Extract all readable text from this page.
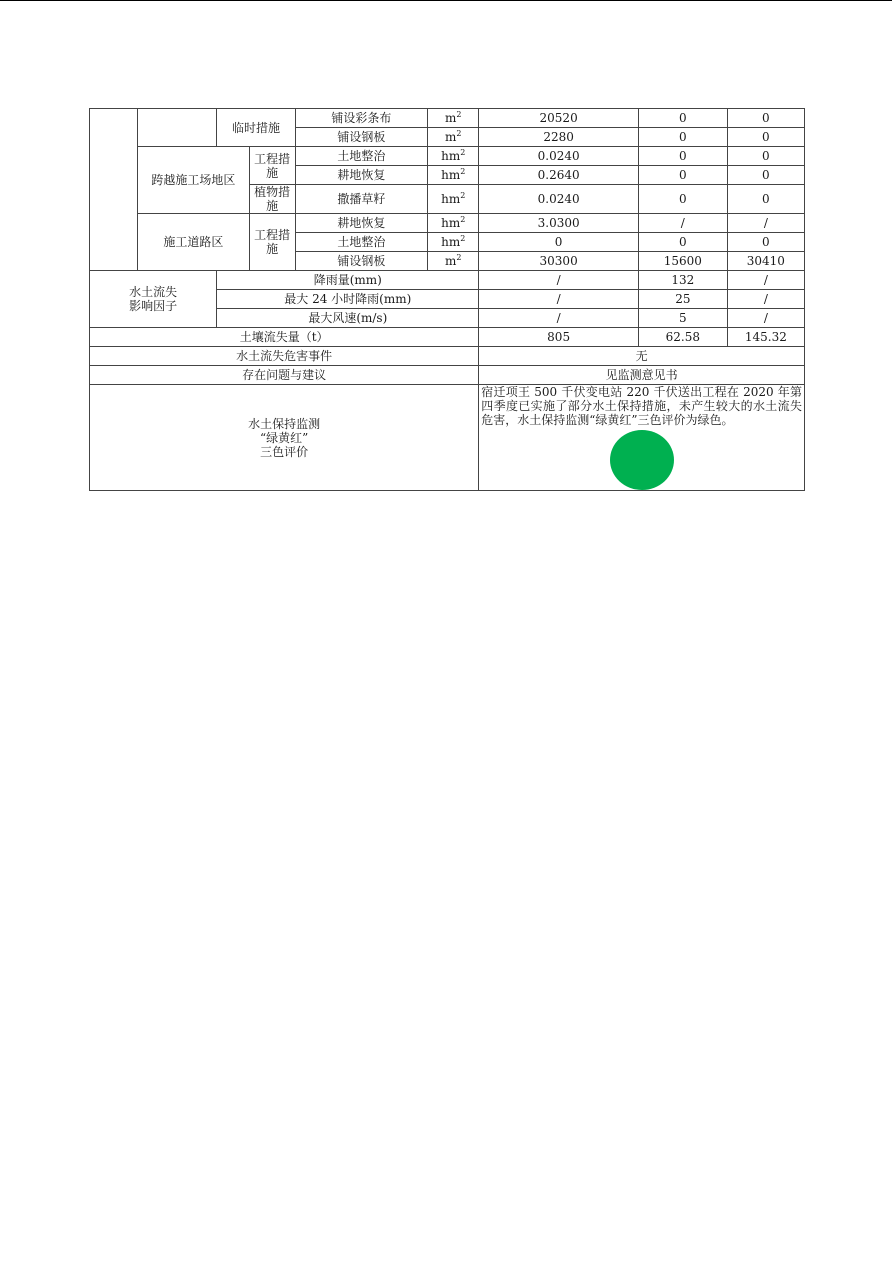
		临时措施		铺设彩条布	$m^2$	20520	0	0
				铺设钢板	$m^2$	2280	0	0
	跨越施工场地区		工程措施	土地整治	$hm^2$	0.0240	0	0
				耕地恢复	$hm^2$	0.2640	0	0
			植物措施	撒播草籽	$hm^2$	0.0240	0	0
	施工道路区		工程措施	耕地恢复	$hm^2$	3.0300	/	/
				土地整治	$hm^2$	0	0	0
				铺设钢板	$m^2$	30300	15600	30410

水土流失
影响因子		降雨量(mm)				/	132	/
		最大 24 小时降雨(mm)				/	25	/
		最大风速(m/s)				/	5	/
土壤流失量（t）						805	62.58	145.32
水土流失危害事件						无		
存在问题与建议						见监测意见书		

水土保持监测
“绿黄红”
三色评价						宿迁项王 500 千伏变电站 220 千伏送出工程在 2020 年第四季度已实施了部分水土保持措施，未产生较大的水土流失危害，水土保持监测“绿黄红”三色评价为绿色。		
